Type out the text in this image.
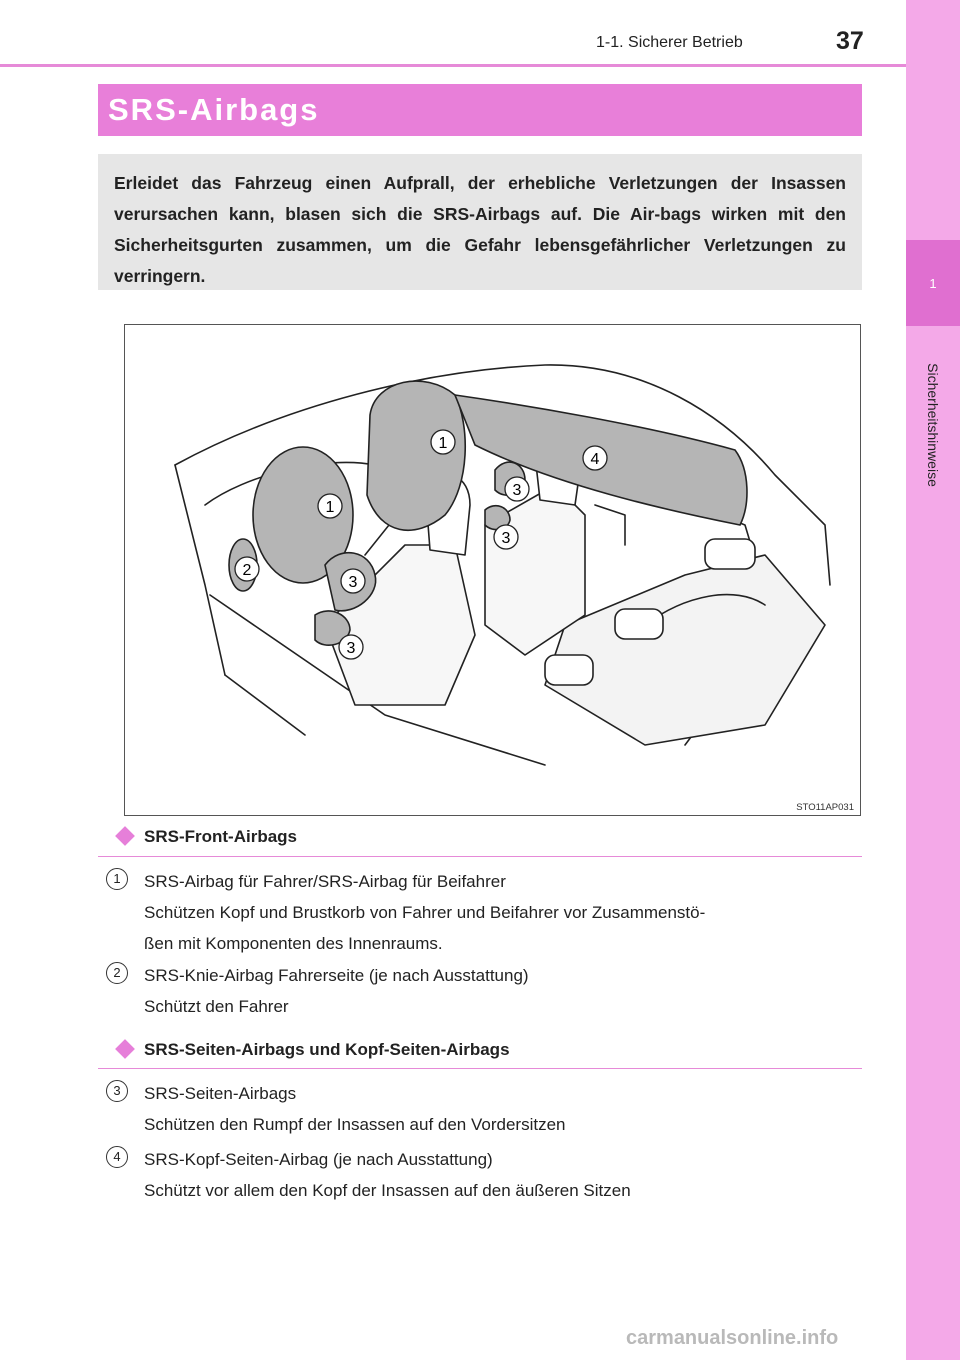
1
Sicherheitshinweise
1-1. Sicherer Betrieb	37
SRS-Airbags
Erleidet das Fahrzeug einen Aufprall, der erhebliche Verletzungen der Insassen verursachen kann, blasen sich die SRS-Airbags auf. Die Air-bags wirken mit den Sicherheitsgurten zusammen, um die Gefahr lebensgefährlicher Verletzungen zu verringern.
1
1
2
3
3
3
3
4
STO11AP031
SRS-Front-Airbags
1	SRS-Airbag für Fahrer/SRS-Airbag für Beifahrer
Schützen Kopf und Brustkorb von Fahrer und Beifahrer vor Zusammenstö-
ßen mit Komponenten des Innenraums.
2	SRS-Knie-Airbag Fahrerseite (je nach Ausstattung)
Schützt den Fahrer
SRS-Seiten-Airbags und Kopf-Seiten-Airbags
3	SRS-Seiten-Airbags
Schützen den Rumpf der Insassen auf den Vordersitzen
4	SRS-Kopf-Seiten-Airbag (je nach Ausstattung)
Schützt vor allem den Kopf der Insassen auf den äußeren Sitzen
carmanualsonline.info
